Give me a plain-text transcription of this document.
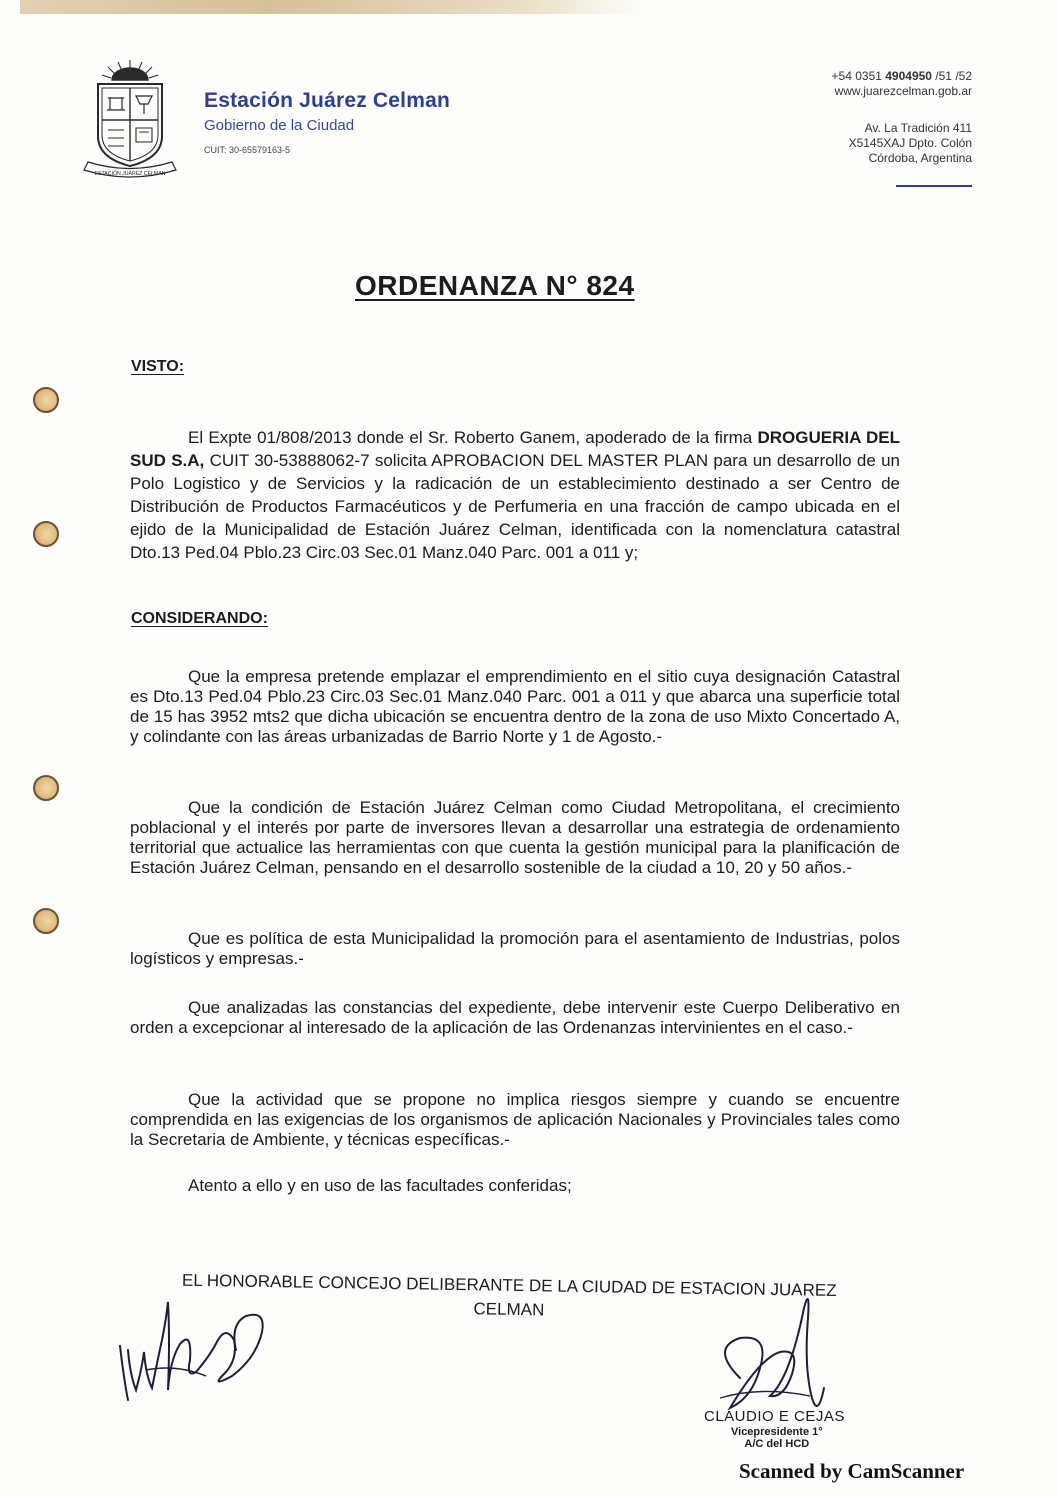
ESTACIÓN JUÁREZ CELMAN
Estación Juárez Celman
Gobierno de la Ciudad
CUIT: 30-65579163-5
+54 0351 4904950 /51 /52
www.juarezcelman.gob.ar
Av. La Tradición 411
X5145XAJ Dpto. Colón
Córdoba, Argentina
ORDENANZA N° 824
VISTO:

El Expte 01/808/2013 donde el Sr. Roberto Ganem, apoderado de la firma DROGUERIA DEL SUD S.A, CUIT 30-53888062-7 solicita APROBACION DEL MASTER PLAN para un desarrollo de un Polo Logistico y de Servicios y la radicación de un establecimiento destinado a ser Centro de Distribución de Productos Farmacéuticos y de Perfumeria en una fracción de campo ubicada en el ejido de la Municipalidad de Estación Juárez Celman, identificada con la nomenclatura catastral Dto.13 Ped.04 Pblo.23 Circ.03 Sec.01 Manz.040 Parc. 001 a 011 y;

CONSIDERANDO:

Que la empresa pretende emplazar el emprendimiento en el sitio cuya designación Catastral es Dto.13 Ped.04 Pblo.23 Circ.03 Sec.01 Manz.040 Parc. 001 a 011 y que abarca una superficie total de 15 has 3952 mts2 que dicha ubicación se encuentra dentro de la zona de uso Mixto Concertado A, y colindante con las áreas urbanizadas de Barrio Norte y 1 de Agosto.-

Que la condición de Estación Juárez Celman como Ciudad Metropolitana, el crecimiento poblacional y el interés por parte de inversores llevan a desarrollar una estrategia de ordenamiento territorial que actualice las herramientas con que cuenta la gestión municipal para la planificación de Estación Juárez Celman, pensando en el desarrollo sostenible de la ciudad a 10, 20 y 50 años.-

Que es política de esta Municipalidad la promoción para el asentamiento de Industrias, polos logísticos y empresas.-

Que analizadas las constancias del expediente, debe intervenir este Cuerpo Deliberativo en orden a excepcionar al interesado de la aplicación de las Ordenanzas intervinientes en el caso.-

Que la actividad que se propone no implica riesgos siempre y cuando se encuentre comprendida en las exigencias de los organismos de aplicación Nacionales y Provinciales tales como la Secretaria de Ambiente, y técnicas específicas.-

Atento a ello y en uso de las facultades conferidas;

EL HONORABLE CONCEJO DELIBERANTE DE LA CIUDAD DE ESTACION JUAREZ
CELMAN
CLAUDIO E CEJAS
Vicepresidente 1°
A/C del HCD
Scanned by CamScanner
